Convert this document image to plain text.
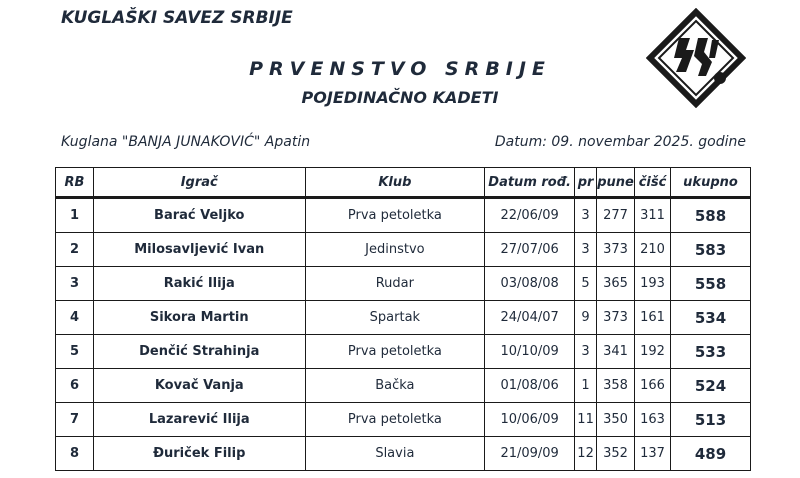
KUGLAŠKI SAVEZ SRBIJE
PRVENSTVO SRBIJE
POJEDINAČNO KADETI
Kuglana "BANJA JUNAKOVIĆ" Apatin	Datum: 09. novembar 2025. godine
RB	Igrač	Klub	Datum rođ.	pr	pune	čišć	ukupno
1	Barać Veljko	Prva petoletka	22/06/09	3	277	311	588
2	Milosavljević Ivan	Jedinstvo	27/07/06	3	373	210	583
3	Rakić Ilija	Rudar	03/08/08	5	365	193	558
4	Sikora Martin	Spartak	24/04/07	9	373	161	534
5	Denčić Strahinja	Prva petoletka	10/10/09	3	341	192	533
6	Kovač Vanja	Bačka	01/08/06	1	358	166	524
7	Lazarević Ilija	Prva petoletka	10/06/09	11	350	163	513
8	Đuriček Filip	Slavia	21/09/09	12	352	137	489
